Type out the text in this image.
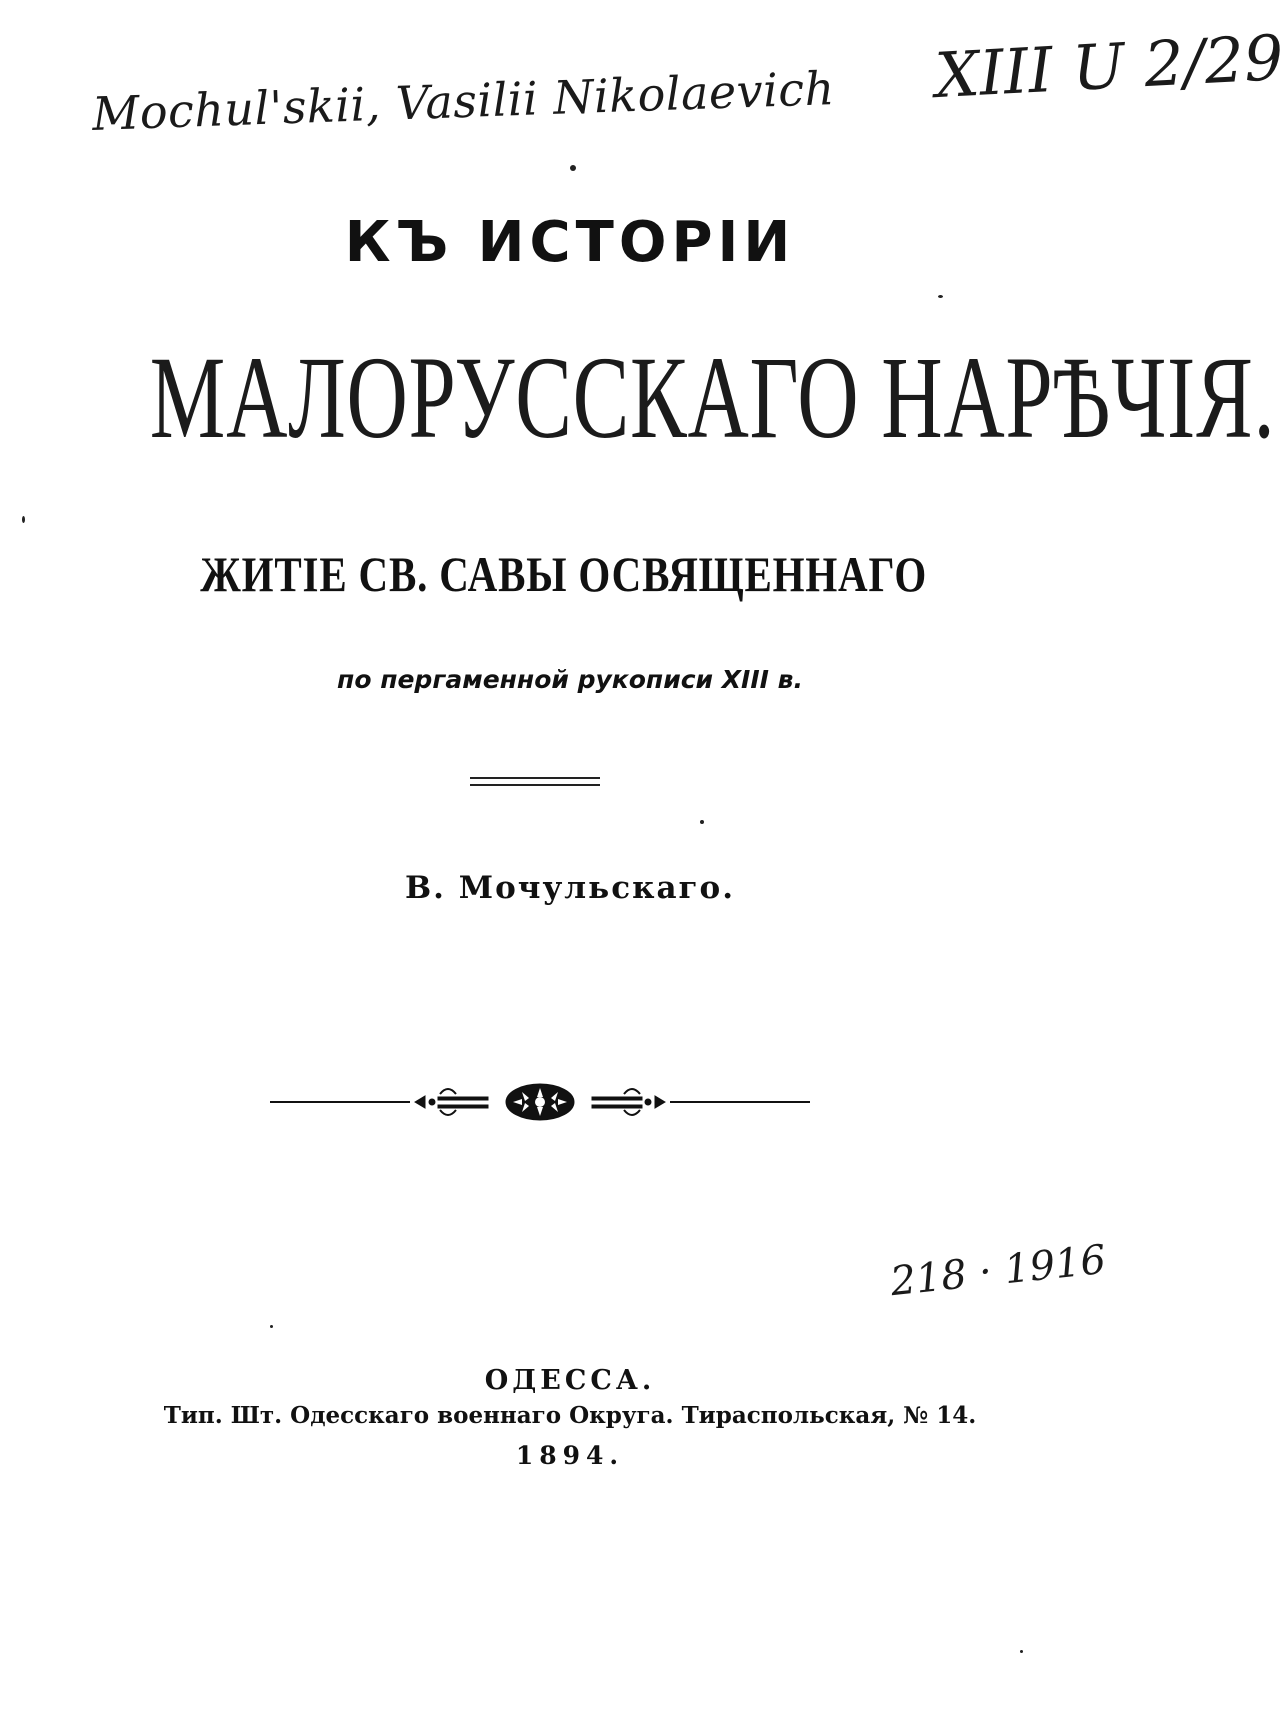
Mochul'skii, Vasilii Nikolaevich XIII U 2/29
КЪ ИСТОРІИ
МАЛОРУССКАГО НАРѢЧІЯ.
ЖИТІЕ СВ. САВЫ ОСВЯЩЕННАГО
по пергаменной рукописи XIII в.
В. Мочульскаго.
218 · 1916
ОДЕССА.
Тип. Шт. Одесскаго военнаго Округа. Тираспольская, № 14.
1894.
